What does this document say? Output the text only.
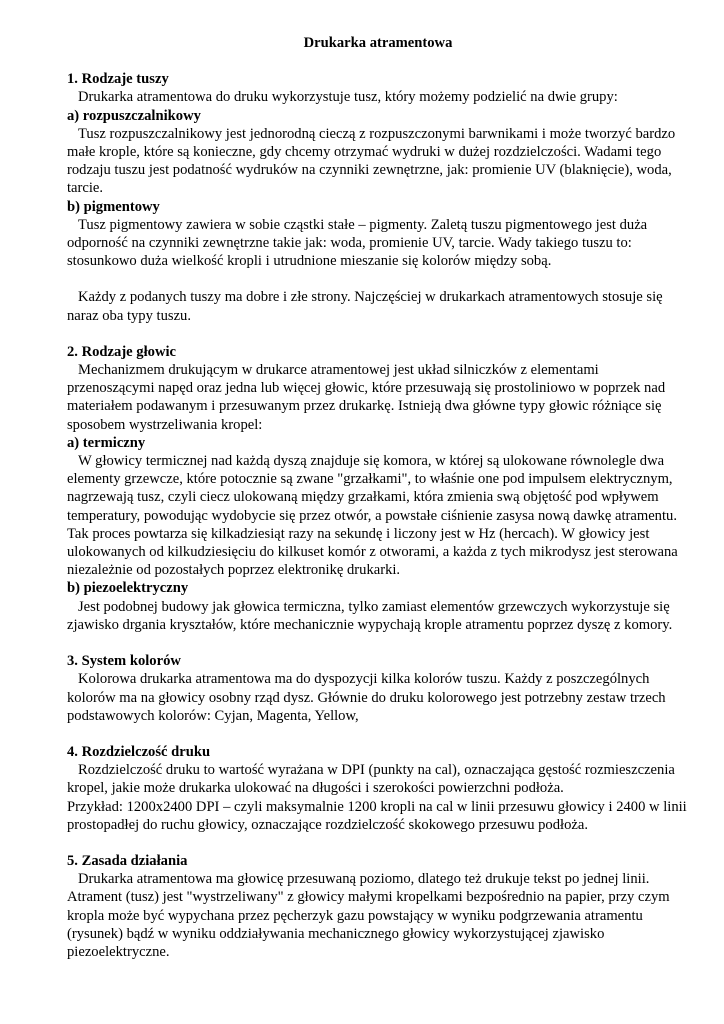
Drukarka atramentowa
1. Rodzaje tuszy

Drukarka atramentowa do druku wykorzystuje tusz, który możemy podzielić na dwie grupy:

a) rozpuszczalnikowy

Tusz rozpuszczalnikowy jest jednorodną cieczą z rozpuszczonymi barwnikami i może tworzyć bardzo małe krople, które są konieczne, gdy chcemy otrzymać wydruki w dużej rozdzielczości. Wadami tego rodzaju tuszu jest podatność wydruków na czynniki zewnętrzne, jak: promienie UV (blaknięcie), woda, tarcie.

b) pigmentowy

Tusz pigmentowy zawiera w sobie cząstki stałe – pigmenty. Zaletą tuszu pigmentowego jest duża odporność na czynniki zewnętrzne takie jak: woda, promienie UV, tarcie. Wady takiego tuszu to: stosunkowo duża wielkość kropli i utrudnione mieszanie się kolorów między sobą.

Każdy z podanych tuszy ma dobre i złe strony. Najczęściej w drukarkach atramentowych stosuje się naraz oba typy tuszu.

2. Rodzaje głowic

Mechanizmem drukującym w drukarce atramentowej jest układ silniczków z elementami przenoszącymi napęd oraz jedna lub więcej głowic, które przesuwają się prostoliniowo w poprzek nad materiałem podawanym i przesuwanym przez drukarkę. Istnieją dwa główne typy głowic różniące się sposobem wystrzeliwania kropel:

a) termiczny

W głowicy termicznej nad każdą dyszą znajduje się komora, w której są ulokowane równolegle dwa elementy grzewcze, które potocznie są zwane "grzałkami", to właśnie one pod impulsem elektrycznym, nagrzewają tusz, czyli ciecz ulokowaną między grzałkami, która zmienia swą objętość pod wpływem temperatury, powodując wydobycie się przez otwór, a powstałe ciśnienie zasysa nową dawkę atramentu. Tak proces powtarza się kilkadziesiąt razy na sekundę i liczony jest w Hz (hercach). W głowicy jest ulokowanych od kilkudziesięciu do kilkuset komór z otworami, a każda z tych mikrodysz jest sterowana niezależnie od pozostałych poprzez elektronikę drukarki.

b) piezoelektryczny

Jest podobnej budowy jak głowica termiczna, tylko zamiast elementów grzewczych wykorzystuje się zjawisko drgania kryształów, które mechanicznie wypychają krople atramentu poprzez dyszę z komory.

3. System kolorów

Kolorowa drukarka atramentowa ma do dyspozycji kilka kolorów tuszu. Każdy z poszczególnych kolorów ma na głowicy osobny rząd dysz. Głównie do druku kolorowego jest potrzebny zestaw trzech podstawowych kolorów: Cyjan, Magenta, Yellow,

4. Rozdzielczość druku

Rozdzielczość druku to wartość wyrażana w DPI (punkty na cal), oznaczająca gęstość rozmieszczenia kropel, jakie może drukarka ulokować na długości i szerokości powierzchni podłoża.

Przykład: 1200x2400 DPI – czyli maksymalnie 1200 kropli na cal w linii przesuwu głowicy i 2400 w linii prostopadłej do ruchu głowicy, oznaczające rozdzielczość skokowego przesuwu podłoża.

5. Zasada działania

Drukarka atramentowa ma głowicę przesuwaną poziomo, dlatego też drukuje tekst po jednej linii. Atrament (tusz) jest "wystrzeliwany" z głowicy małymi kropelkami bezpośrednio na papier, przy czym kropla może być wypychana przez pęcherzyk gazu powstający w wyniku podgrzewania atramentu (rysunek) bądź w wyniku oddziaływania mechanicznego głowicy wykorzystującej zjawisko piezoelektryczne.
